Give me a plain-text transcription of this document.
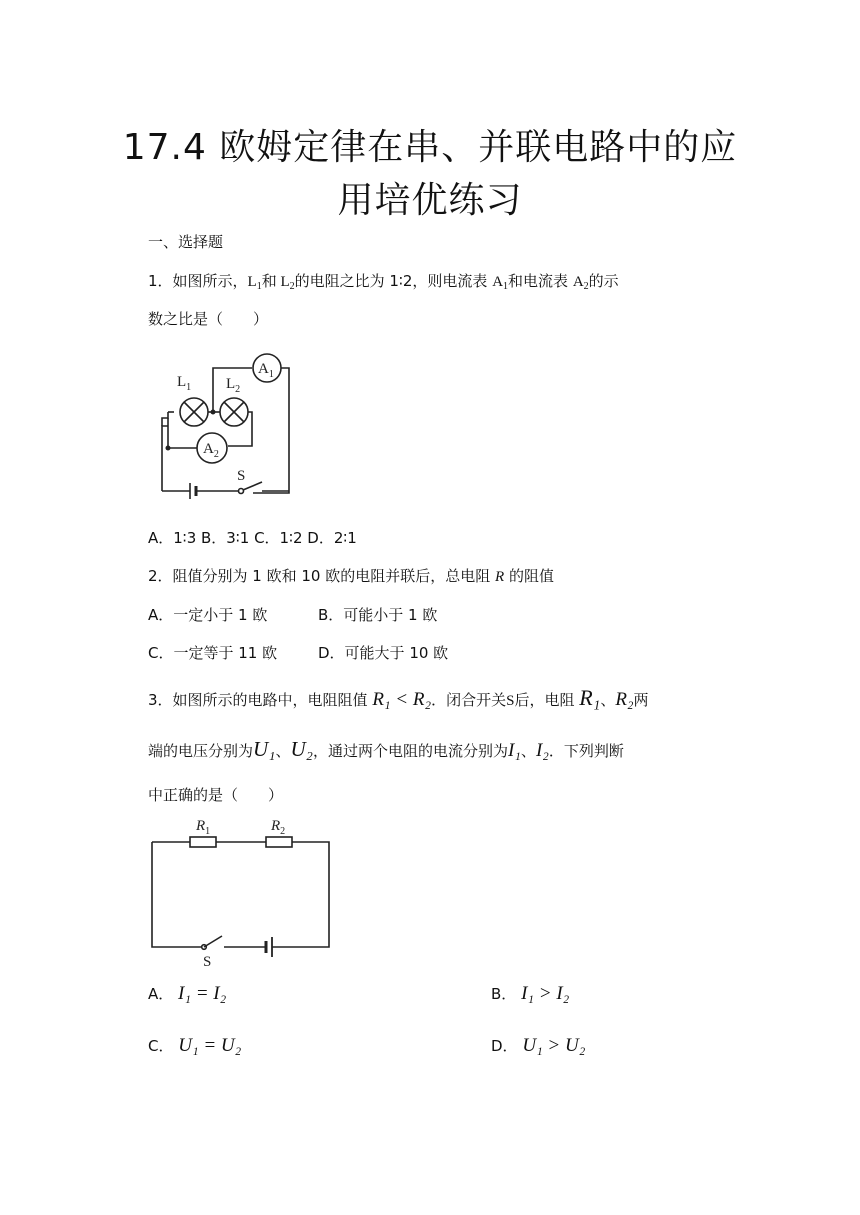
17.4 欧姆定律在串、并联电路中的应
用培优练习
一、选择题
1．如图所示，$L_1$和 $L_2$的电阻之比为 1∶2，则电流表 $A_1$和电流表 $A_2$的示
数之比是（　　）
$L_1$ $L_2$
$A_1$
$A_2$
S
A．1∶3 B．3∶1 C．1∶2 D．2∶1
2．阻值分别为 1 欧和 10 欧的电阻并联后，总电阻 R 的阻值
A．一定小于 1 欧	B．可能小于 1 欧
C．一定等于 11 欧	D．可能大于 10 欧
3．如图所示的电路中，电阻阻值 R₁ < R₂．闭合开关S后，电阻 R₁、R₂两
端的电压分别为U₁、U₂，通过两个电阻的电流分别为I₁、I₂．下列判断
中正确的是（　　）
$R_1$	$R_2$
S
A． I₁ = I₂	B． I₁ > I₂
C． U₁ = U₂	D． U₁ > U₂
